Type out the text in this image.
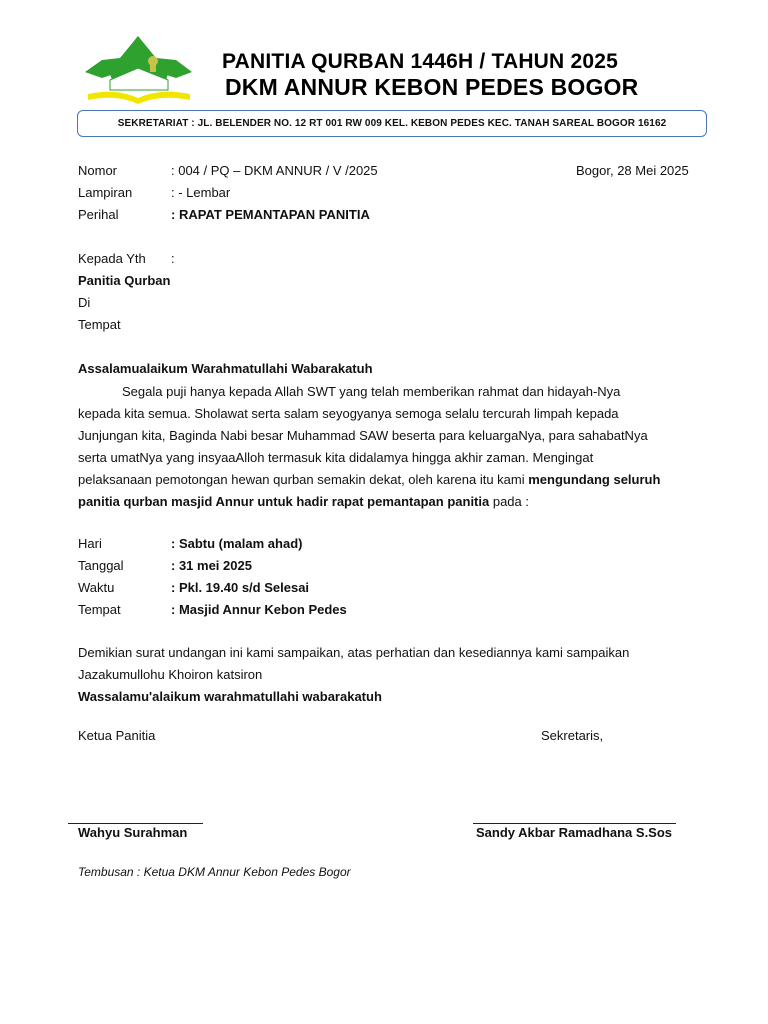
PANITIA QURBAN 1446H / TAHUN 2025
DKM ANNUR KEBON PEDES BOGOR
SEKRETARIAT : JL. BELENDER NO. 12 RT 001 RW 009 KEL. KEBON PEDES KEC. TANAH SAREAL BOGOR 16162
Nomor	: 004 / PQ – DKM ANNUR / V /2025	Bogor, 28 Mei 2025
Lampiran	: - Lembar
Perihal	: RAPAT PEMANTAPAN PANITIA
Kepada Yth :
Panitia Qurban
Di
Tempat
Assalamualaikum Warahmatullahi Wabarakatuh
Segala puji hanya kepada Allah SWT yang telah memberikan rahmat dan hidayah-Nya
kepada kita semua. Sholawat serta salam seyogyanya semoga selalu tercurah limpah kepada
Junjungan kita, Baginda Nabi besar Muhammad SAW beserta para keluargaNya, para sahabatNya
serta umatNya yang insyaaAlloh termasuk kita didalamya hingga akhir zaman. Mengingat
pelaksanaan pemotongan hewan qurban semakin dekat, oleh karena itu kami mengundang seluruh
panitia qurban masjid Annur untuk hadir rapat pemantapan panitia pada :
Hari	: Sabtu (malam ahad)
Tanggal	: 31 mei 2025
Waktu	: Pkl. 19.40 s/d Selesai
Tempat	: Masjid Annur Kebon Pedes
Demikian surat undangan ini kami sampaikan, atas perhatian dan kesediannya kami sampaikan
Jazakumullohu Khoiron katsiron
Wassalamu'alaikum warahmatullahi wabarakatuh
Ketua Panitia	Sekretaris,
Wahyu Surahman	Sandy Akbar Ramadhana S.Sos
Tembusan : Ketua DKM Annur Kebon Pedes Bogor
